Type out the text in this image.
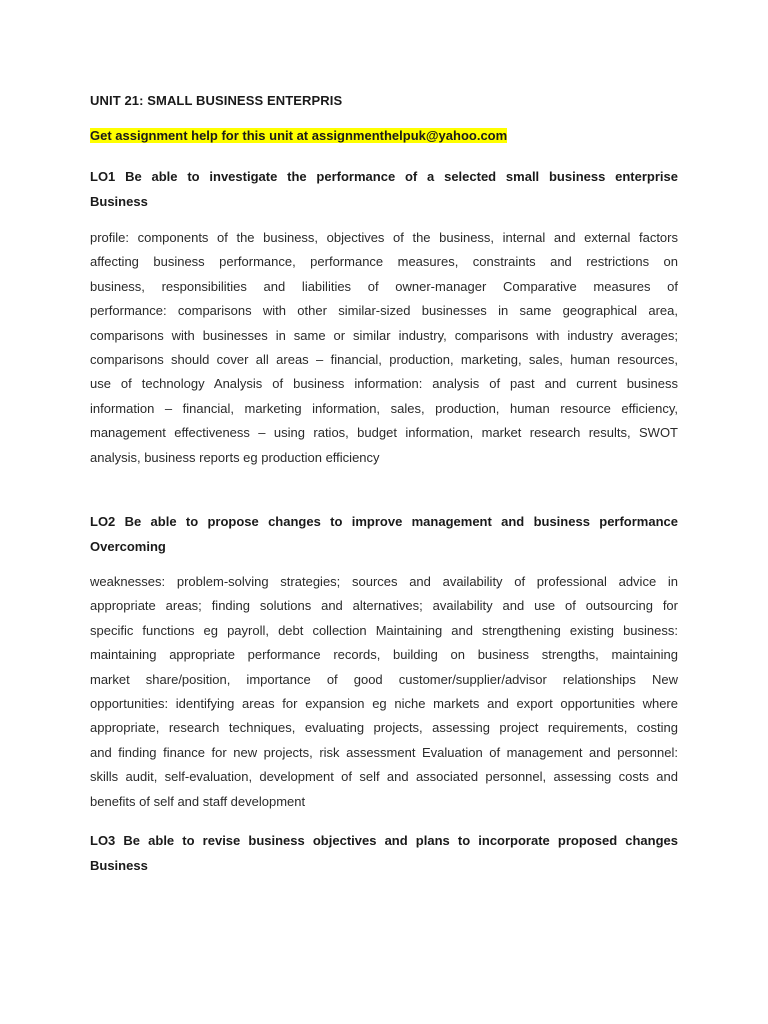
UNIT 21: SMALL BUSINESS ENTERPRIS
Get assignment help for this unit at assignmenthelpuk@yahoo.com
LO1 Be able to investigate the performance of a selected small business enterprise
Business
profile: components of the business, objectives of the business, internal and external factors
affecting business performance, performance measures, constraints and restrictions on
business, responsibilities and liabilities of owner-manager Comparative measures of
performance: comparisons with other similar-sized businesses in same geographical area,
comparisons with businesses in same or similar industry, comparisons with industry averages;
comparisons should cover all areas – financial, production, marketing, sales, human resources,
use of technology Analysis of business information: analysis of past and current business
information – financial, marketing information, sales, production, human resource efficiency,
management effectiveness – using ratios, budget information, market research results, SWOT
analysis, business reports eg production efficiency
LO2 Be able to propose changes to improve management and business performance
Overcoming
weaknesses: problem-solving strategies; sources and availability of professional advice in
appropriate areas; finding solutions and alternatives; availability and use of outsourcing for
specific functions eg payroll, debt collection Maintaining and strengthening existing business:
maintaining appropriate performance records, building on business strengths, maintaining
market share/position, importance of good customer/supplier/advisor relationships New
opportunities: identifying areas for expansion eg niche markets and export opportunities where
appropriate, research techniques, evaluating projects, assessing project requirements, costing
and finding finance for new projects, risk assessment Evaluation of management and personnel:
skills audit, self-evaluation, development of self and associated personnel, assessing costs and
benefits of self and staff development
LO3 Be able to revise business objectives and plans to incorporate proposed changes
Business
